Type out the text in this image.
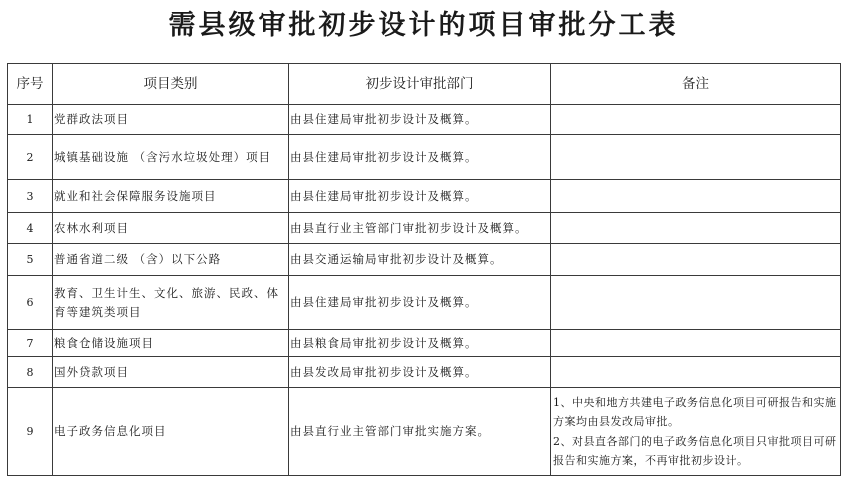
需县级审批初步设计的项目审批分工表
序号	项目类别	初步设计审批部门	备注
1	党群政法项目	由县住建局审批初步设计及概算。	
2	城镇基础设施 （含污水垃圾处理）项目	由县住建局审批初步设计及概算。	
3	就业和社会保障服务设施项目	由县住建局审批初步设计及概算。	
4	农林水利项目	由县直行业主管部门审批初步设计及概算。	
5	普通省道二级 （含）以下公路	由县交通运输局审批初步设计及概算。	
6	教育、卫生计生、文化、旅游、民政、体育等建筑类项目	由县住建局审批初步设计及概算。	
7	粮食仓储设施项目	由县粮食局审批初步设计及概算。	
8	国外贷款项目	由县发改局审批初步设计及概算。	
9	电子政务信息化项目	由县直行业主管部门审批实施方案。	1、中央和地方共建电子政务信息化项目可研报告和实施方案均由县发改局审批。
2、对县直各部门的电子政务信息化项目只审批项目可研报告和实施方案，不再审批初步设计。
